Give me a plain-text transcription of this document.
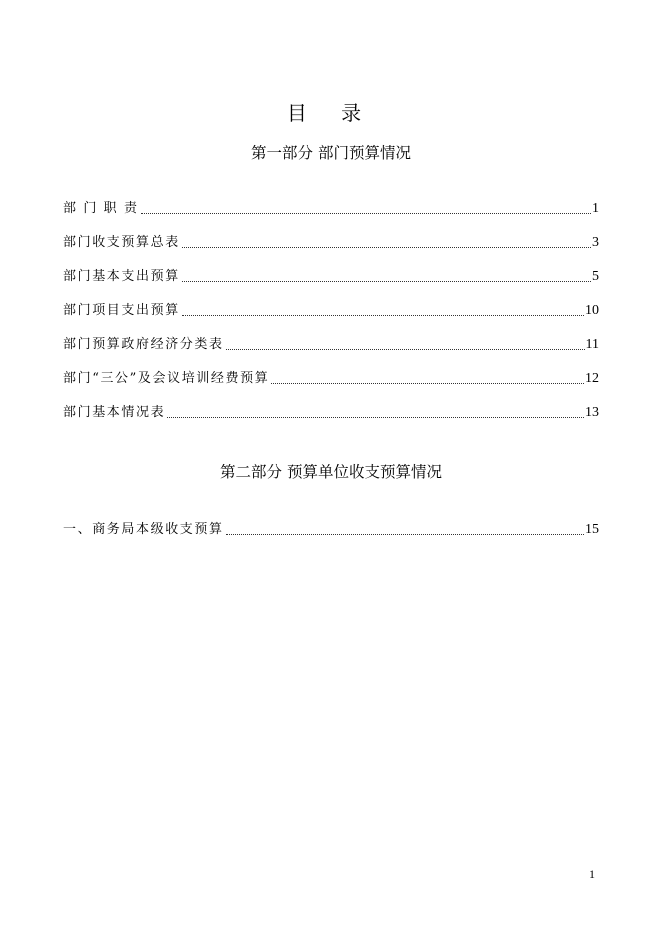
目 录
第一部分 部门预算情况
部 门 职 责	1
部门收支预算总表	3
部门基本支出预算	5
部门项目支出预算	10
部门预算政府经济分类表	11
部门“三公”及会议培训经费预算	12
部门基本情况表	13
第二部分 预算单位收支预算情况
一、商务局本级收支预算	15
1
